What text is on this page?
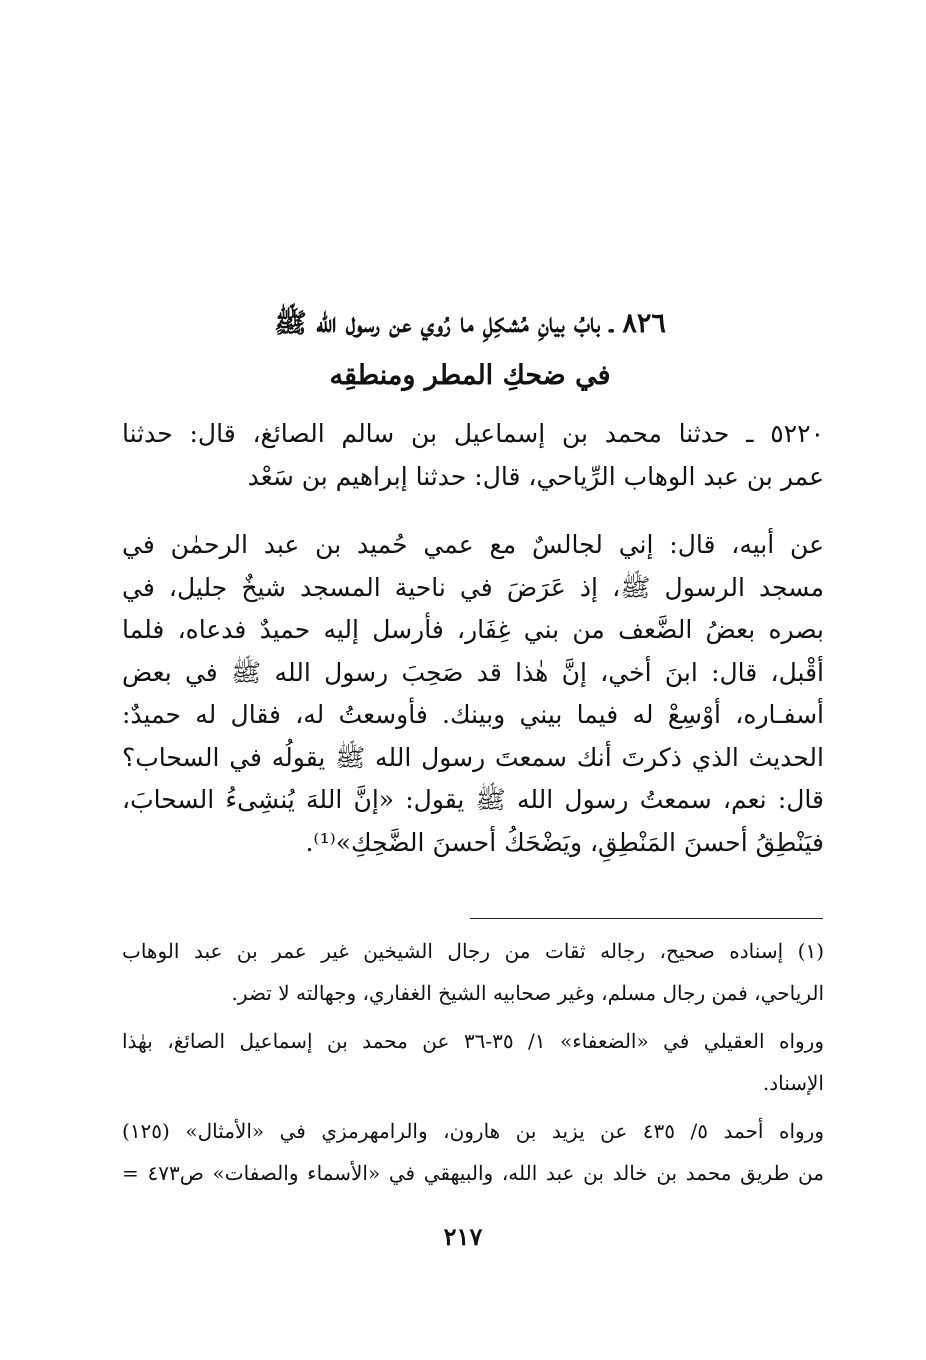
٨٢٦ ـ بابُ بيانِ مُشكِلِ ما رُوي عن رسول الله ﷺ
في ضحكِ المطر ومنطقِه
٥٢٢٠ ـ حدثنا محمد بن إسماعيل بن سالم الصائغ، قال: حدثنا
عمر بن عبد الوهاب الرِّياحي، قال: حدثنا إبراهيم بن سَعْد
عن أبيه، قال: إني لجالسٌ مع عمي حُميد بن عبد الرحمٰن في
مسجد الرسول ﷺ، إذ عَرَضَ في ناحية المسجد شيخٌ جليل، في
بصره بعضُ الضَّعف من بني غِفَار، فأرسل إليه حميدٌ فدعاه، فلما
أقْبل، قال: ابنَ أخي، إنَّ هٰذا قد صَحِبَ رسول الله ﷺ في بعض
أسفـاره، أوْسِعْ له فيما بيني وبينك. فأوسعتُ له، فقال له حميدٌ:
الحديث الذي ذكرتَ أنك سمعتَ رسول الله ﷺ يقولُه في السحاب؟
قال: نعم، سمعتُ رسول الله ﷺ يقول: «إنَّ اللهَ يُنشِىءُ السحابَ،
فيَنْطِقُ أحسنَ المَنْطِقِ، ويَضْحَكُ أحسنَ الضَّحِكِ»⁽¹⁾.
(١) إسناده صحيح، رجاله ثقات من رجال الشيخين غير عمر بن عبد الوهاب
الرياحي، فمن رجال مسلم، وغير صحابيه الشيخ الغفاري، وجهالته لا تضر.
ورواه العقيلي في «الضعفاء» ١/ ٣٥-٣٦ عن محمد بن إسماعيل الصائغ، بهٰذا
الإسناد.
ورواه أحمد ٥/ ٤٣٥ عن يزيد بن هارون، والرامهرمزي في «الأمثال» (١٢٥)
من طريق محمد بن خالد بن عبد الله، والبيهقي في «الأسماء والصفات» ص٤٧٣ =
٢١٧
